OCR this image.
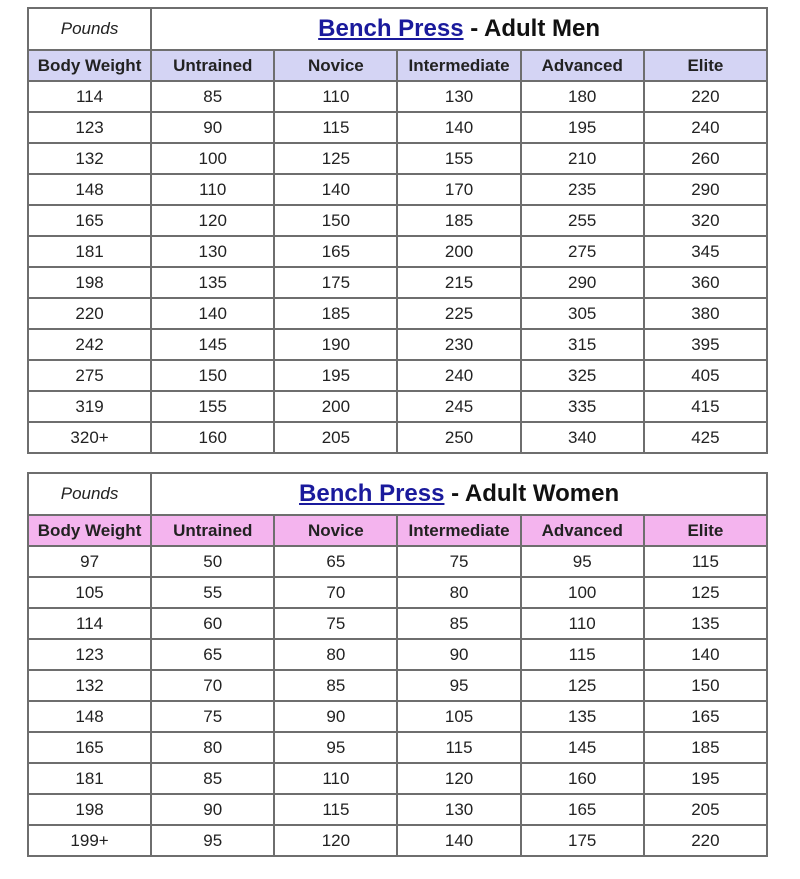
Pounds	Bench Press - Adult Men				
Body Weight	Untrained	Novice	Intermediate	Advanced	Elite
114	85	110	130	180	220
123	90	115	140	195	240
132	100	125	155	210	260
148	110	140	170	235	290
165	120	150	185	255	320
181	130	165	200	275	345
198	135	175	215	290	360
220	140	185	225	305	380
242	145	190	230	315	395
275	150	195	240	325	405
319	155	200	245	335	415
320+	160	205	250	340	425
Pounds	Bench Press - Adult Women				
Body Weight	Untrained	Novice	Intermediate	Advanced	Elite
97	50	65	75	95	115
105	55	70	80	100	125
114	60	75	85	110	135
123	65	80	90	115	140
132	70	85	95	125	150
148	75	90	105	135	165
165	80	95	115	145	185
181	85	110	120	160	195
198	90	115	130	165	205
199+	95	120	140	175	220
